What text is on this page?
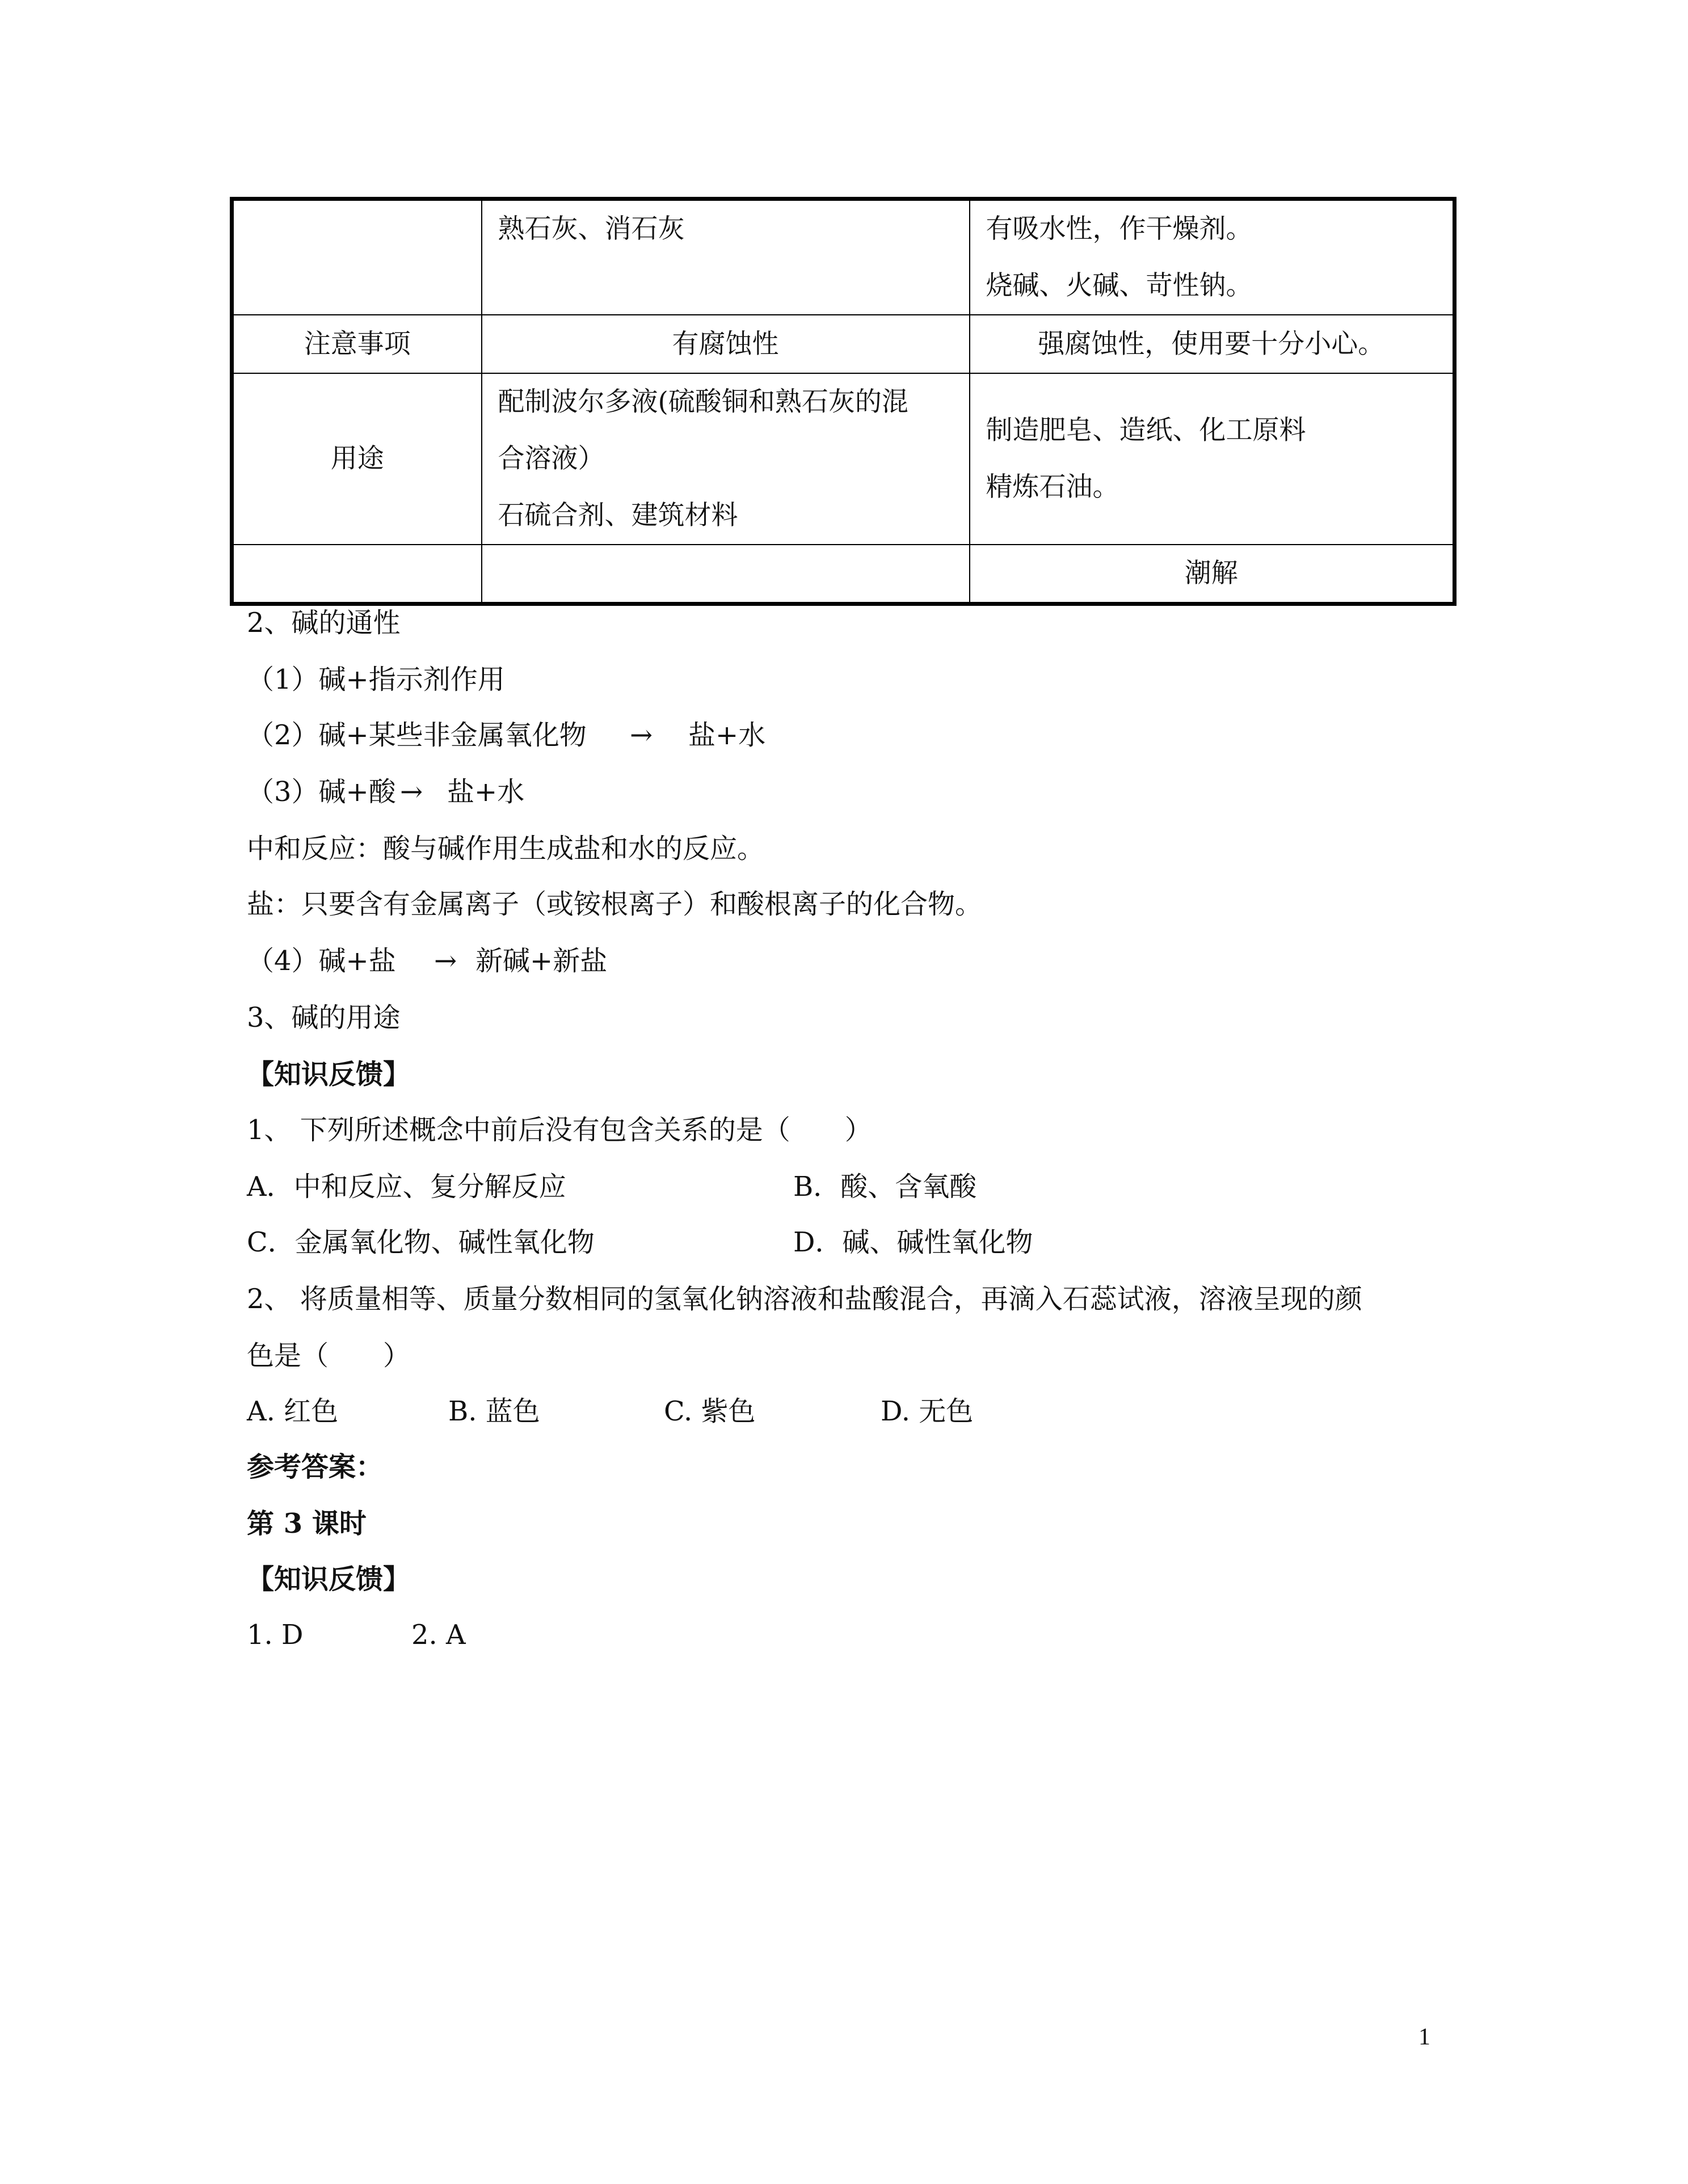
	熟石灰、消石灰	有吸水性，作干燥剂。
烧碱、火碱、苛性钠。

注意事项	有腐蚀性	强腐蚀性，使用要十分小心。
用途	配制波尔多液(硫酸铜和熟石灰的混
合溶液）
石硫合剂、建筑材料	制造肥皂、造纸、化工原料
精炼石油。

		潮解
2、碱的通性
（1）碱+指示剂作用
（2）碱+某些非金属氧化物 → 盐+水
（3）碱+酸 → 盐+水
中和反应：酸与碱作用生成盐和水的反应。
盐：只要含有金属离子（或铵根离子）和酸根离子的化合物。
（4）碱+盐 → 新碱+新盐
3、碱的用途
【知识反馈】
1、 下列所述概念中前后没有包含关系的是（　　）
A．中和反应、复分解反应	B．酸、含氧酸
C．金属氧化物、碱性氧化物	D．碱、碱性氧化物
2、 将质量相等、质量分数相同的氢氧化钠溶液和盐酸混合，再滴入石蕊试液，溶液呈现的颜
色是（　　）
A. 红色	B. 蓝色	C. 紫色	D. 无色
参考答案：
第 3 课时
【知识反馈】
1. D	2. A
1
